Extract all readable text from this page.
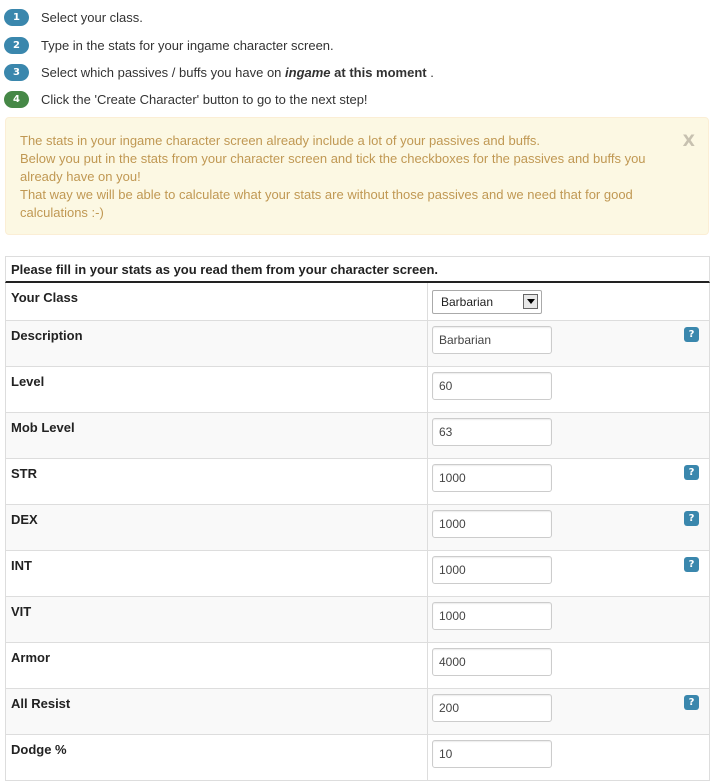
1	Select your class.
2	Type in the stats for your ingame character screen.
3	Select which passives / buffs you have on ingame at this moment .
4	Click the 'Create Character' button to go to the next step!

The stats in your ingame character screen already include a lot of your passives and buffs.

Below you put in the stats from your character screen and tick the checkboxes for the passives and buffs you already have on you!

That way we will be able to calculate what your stats are without those passives and we need that for good calculations :-)

X
Please fill in your stats as you read them from your character screen.
Your Class	Barbarian
Description	Barbarian	?
Level	60
Mob Level	63
STR	1000	?
DEX	1000	?
INT	1000	?
VIT	1000
Armor	4000
All Resist	200	?
Dodge %	10
